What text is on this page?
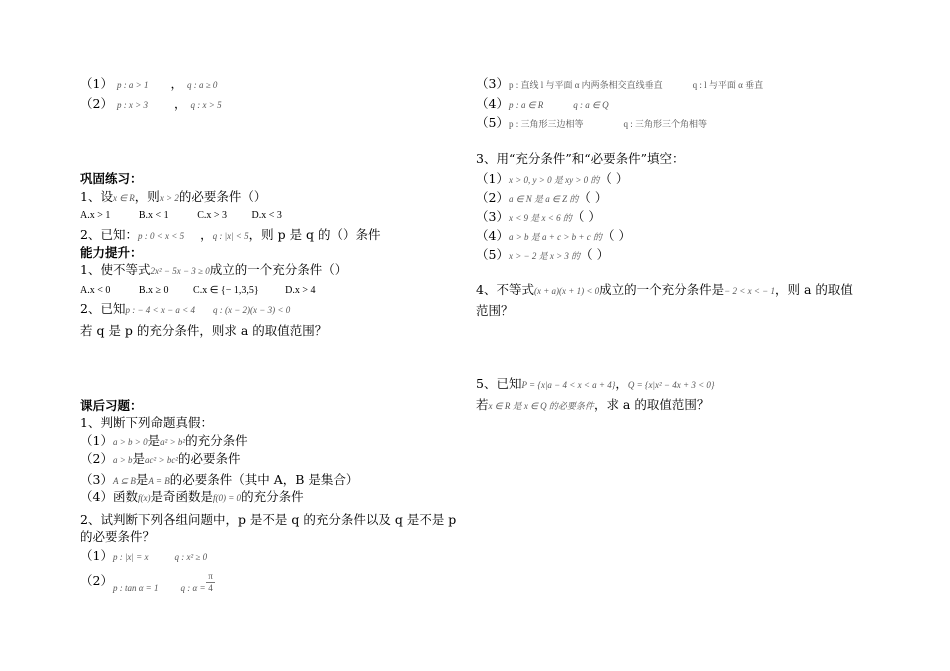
（1） p : a > 1 ， q : a ≥ 0
（2） p : x > 3 ， q : x > 5
巩固练习：
1、设x ∈ R，则x > 2的必要条件（）
A.x > 1	B.x < 1	C.x > 3 D.x < 3
2、已知：p : 0 < x < 5 ，q : |x| < 5，则 p 是 q 的（）条件
能力提升：
1、使不等式2x² − 5x − 3 ≥ 0成立的一个充分条件（）
A.x < 0	B.x ≥ 0 C.x ∈ {− 1,3,5}	D.x > 4
2、已知p : − 4 < x − a < 4 q : (x − 2)(x − 3) < 0
若 q 是 p 的充分条件，则求 a 的取值范围？
课后习题：
1、判断下列命题真假：
（1）a > b > 0是a² > b²的充分条件
（2）a > b是ac² > bc²的必要条件
（3）A ⊆ B是A = B的必要条件（其中 A，B 是集合）
（4）函数f(x)是奇函数是f(0) = 0的充分条件
2、试判断下列各组问题中，p 是不是 q 的充分条件以及 q 是不是 p
的必要条件？
（1）p : |x| = x	q : x² ≥ 0
$(2)_{p : tan \alpha = 1}$ $_{q : \alpha =}$
π
4
（3）p : 直线 l 与平面 α 内两条相交直线垂直	q : l 与平面 α 垂直
（4）p : a ∈ R	q : a ∈ Q
（5）p : 三角形三边相等	q : 三角形三个角相等
3、用“充分条件”和“必要条件”填空：
（1）x > 0, y > 0 是 xy > 0 的（ ）
（2）a ∈ N 是 a ∈ Z 的（ ）
（3）x < 9 是 x < 6 的（ ）
（4）a > b 是 a + c > b + c 的（ ）
（5）x > − 2 是 x > 3 的（ ）
4、不等式(x + a)(x + 1) < 0成立的一个充分条件是− 2 < x < − 1，则 a 的取值
范围？
5、已知P = {x|a − 4 < x < a + 4}，Q = {x|x² − 4x + 3 < 0}
若x ∈ R 是 x ∈ Q 的必要条件，求 a 的取值范围？
